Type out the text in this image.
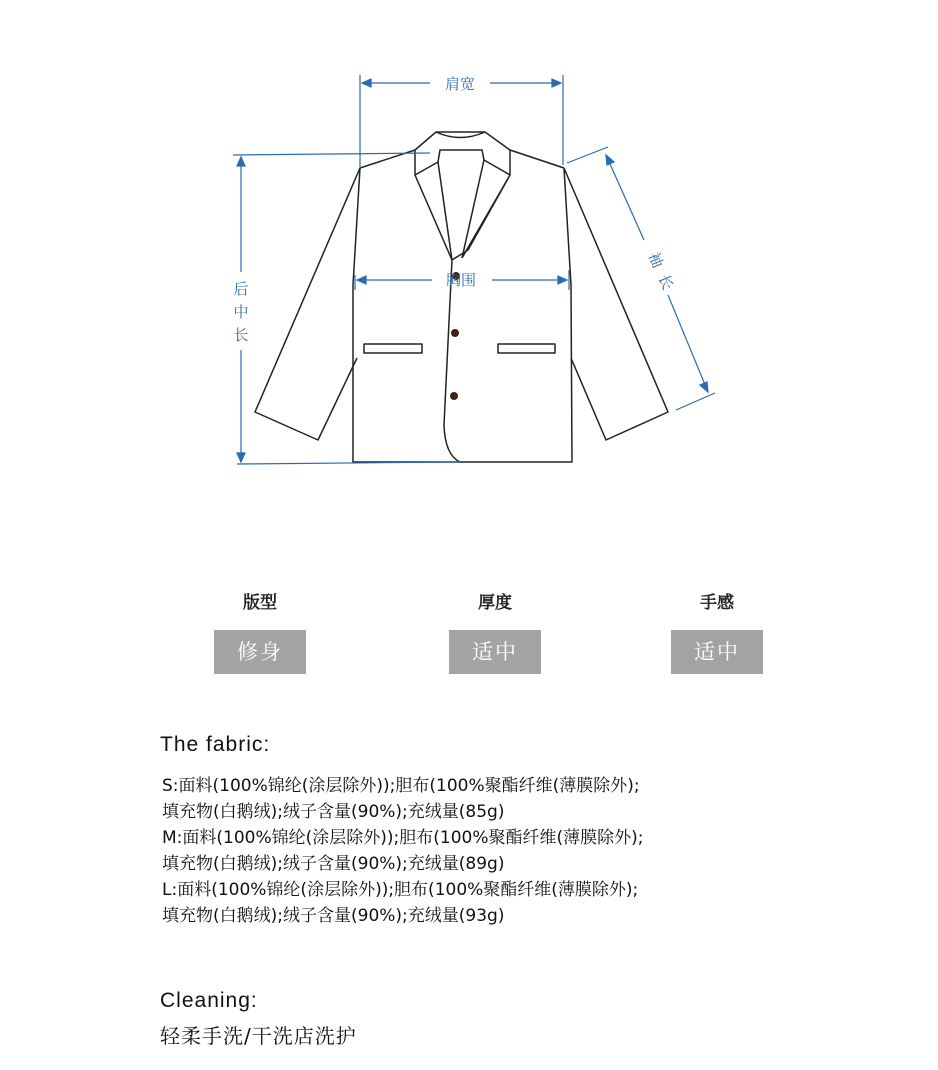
肩宽
胸围
后
中
长
袖
长
版型
修身
厚度
适中
手感
适中
The fabric:
S:面料(100%锦纶(涂层除外));胆布(100%聚酯纤维(薄膜除外);
填充物(白鹅绒);绒子含量(90%);充绒量(85g)
M:面料(100%锦纶(涂层除外));胆布(100%聚酯纤维(薄膜除外);
填充物(白鹅绒);绒子含量(90%);充绒量(89g)
L:面料(100%锦纶(涂层除外));胆布(100%聚酯纤维(薄膜除外);
填充物(白鹅绒);绒子含量(90%);充绒量(93g)
Cleaning:
轻柔手洗/干洗店洗护
